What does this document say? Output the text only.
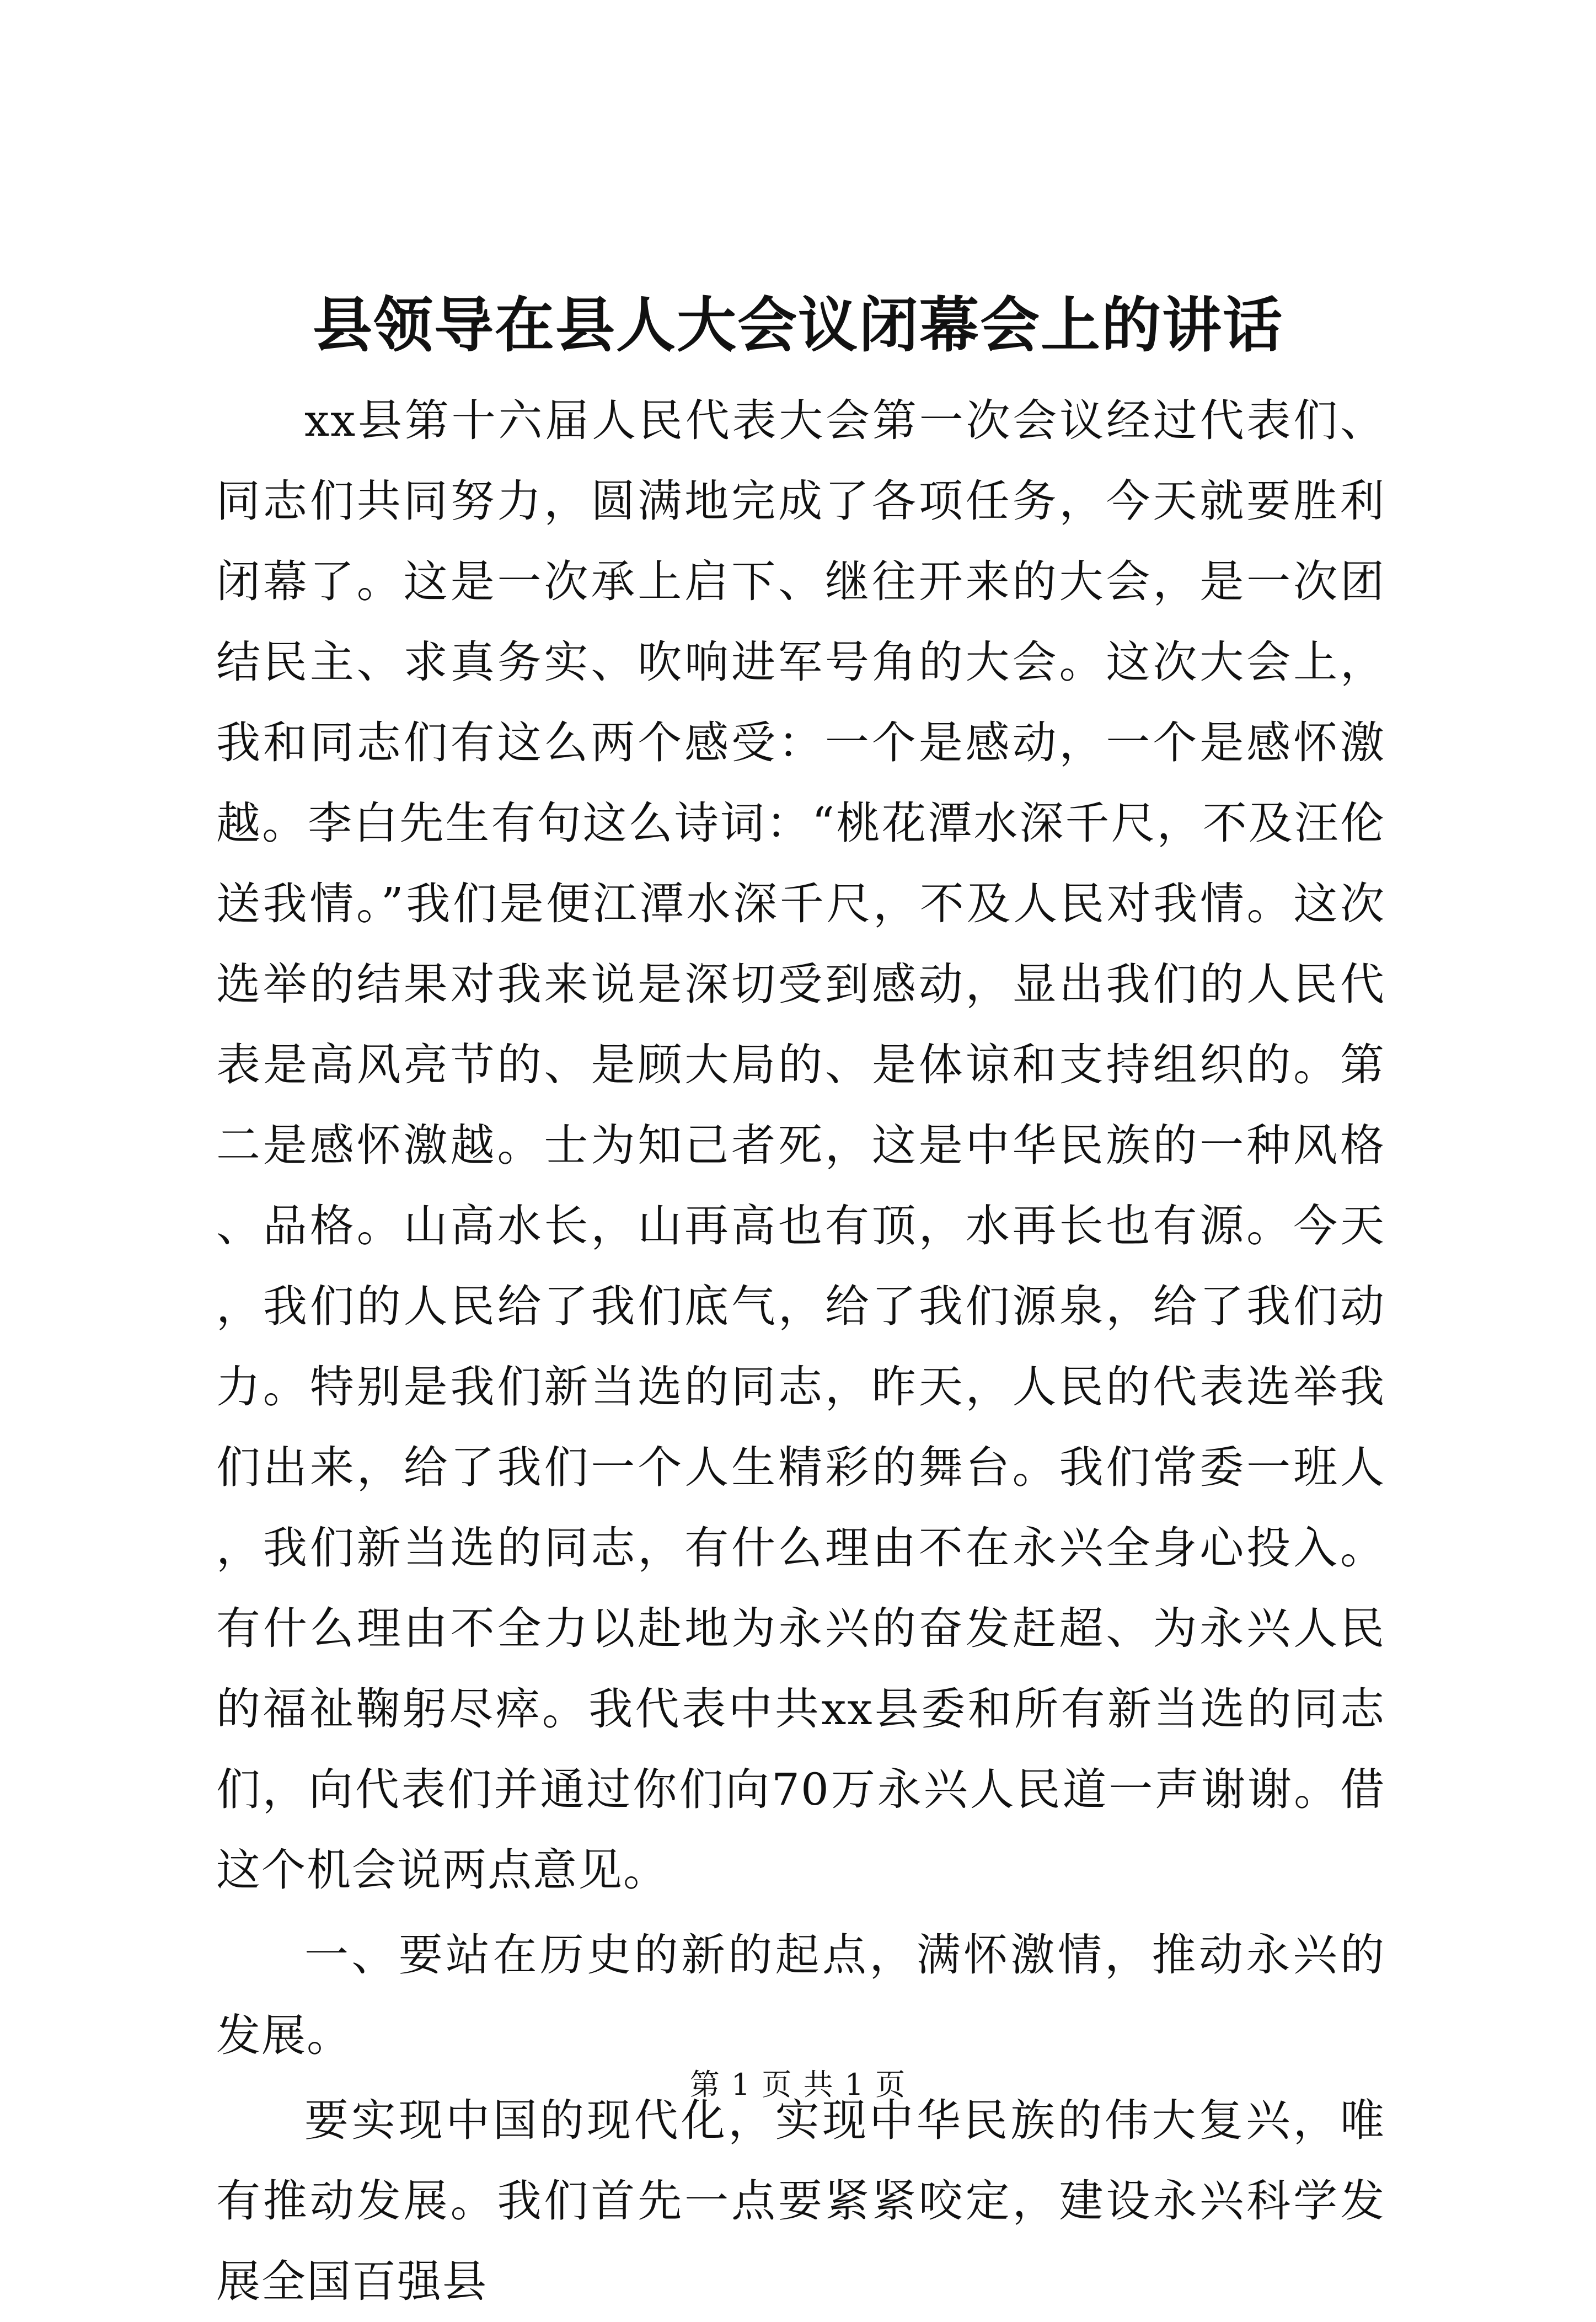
县领导在县人大会议闭幕会上的讲话

xx县第十六届人民代表大会第一次会议经过代表们、同志们共同努力，圆满地完成了各项任务，今天就要胜利闭幕了。这是一次承上启下、继往开来的大会，是一次团结民主、求真务实、吹响进军号角的大会。这次大会上，我和同志们有这么两个感受：一个是感动，一个是感怀激越。李白先生有句这么诗词：“桃花潭水深千尺，不及汪伦送我情。”我们是便江潭水深千尺，不及人民对我情。这次选举的结果对我来说是深切受到感动，显出我们的人民代表是高风亮节的、是顾大局的、是体谅和支持组织的。第二是感怀激越。士为知己者死，这是中华民族的一种风格、品格。山高水长，山再高也有顶，水再长也有源。今天，我们的人民给了我们底气，给了我们源泉，给了我们动力。特别是我们新当选的同志，昨天，人民的代表选举我们出来，给了我们一个人生精彩的舞台。我们常委一班人，我们新当选的同志，有什么理由不在永兴全身心投入。有什么理由不全力以赴地为永兴的奋发赶超、为永兴人民的福祉鞠躬尽瘁。我代表中共xx县委和所有新当选的同志们，向代表们并通过你们向70万永兴人民道一声谢谢。借这个机会说两点意见。

一、要站在历史的新的起点，满怀激情，推动永兴的发展。

要实现中国的现代化，实现中华民族的伟大复兴，唯有推动发展。我们首先一点要紧紧咬定，建设永兴科学发展全国百强县

第 1 页 共 1 页
